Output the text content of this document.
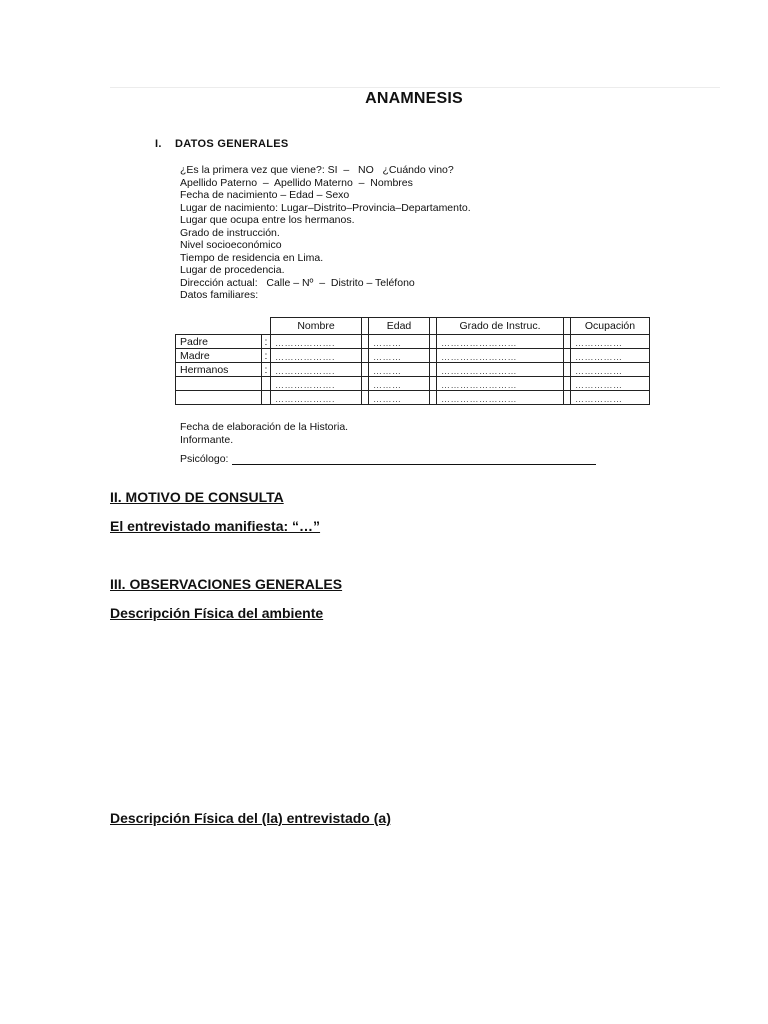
ANAMNESIS
I. DATOS GENERALES
¿Es la primera vez que viene?: SI  –   NO   ¿Cuándo vino?
Apellido Paterno  –  Apellido Materno  –  Nombres
Fecha de nacimiento – Edad – Sexo
Lugar de nacimiento: Lugar–Distrito–Provincia–Departamento.
Lugar que ocupa entre los hermanos.
Grado de instrucción.
Nivel socioeconómico
Tiempo de residencia en Lima.
Lugar de procedencia.
Dirección actual:   Calle – Nº  –  Distrito – Teléfono
Datos familiares:
		Nombre		Edad		Grado de Instruc.		Ocupación
Padre	:	……………….		………		……………………		……………
Madre	:	……………….		………		……………………		……………
Hermanos	:	……………….		………		……………………		……………
		……………….		………		……………………		……………
		……………….		………		……………………		……………
Fecha de elaboración de la Historia.
Informante.
Psicólogo:
II. MOTIVO DE CONSULTA
El entrevistado manifiesta: “…”
III. OBSERVACIONES GENERALES
Descripción Física del ambiente
Descripción Física del (la) entrevistado (a)
